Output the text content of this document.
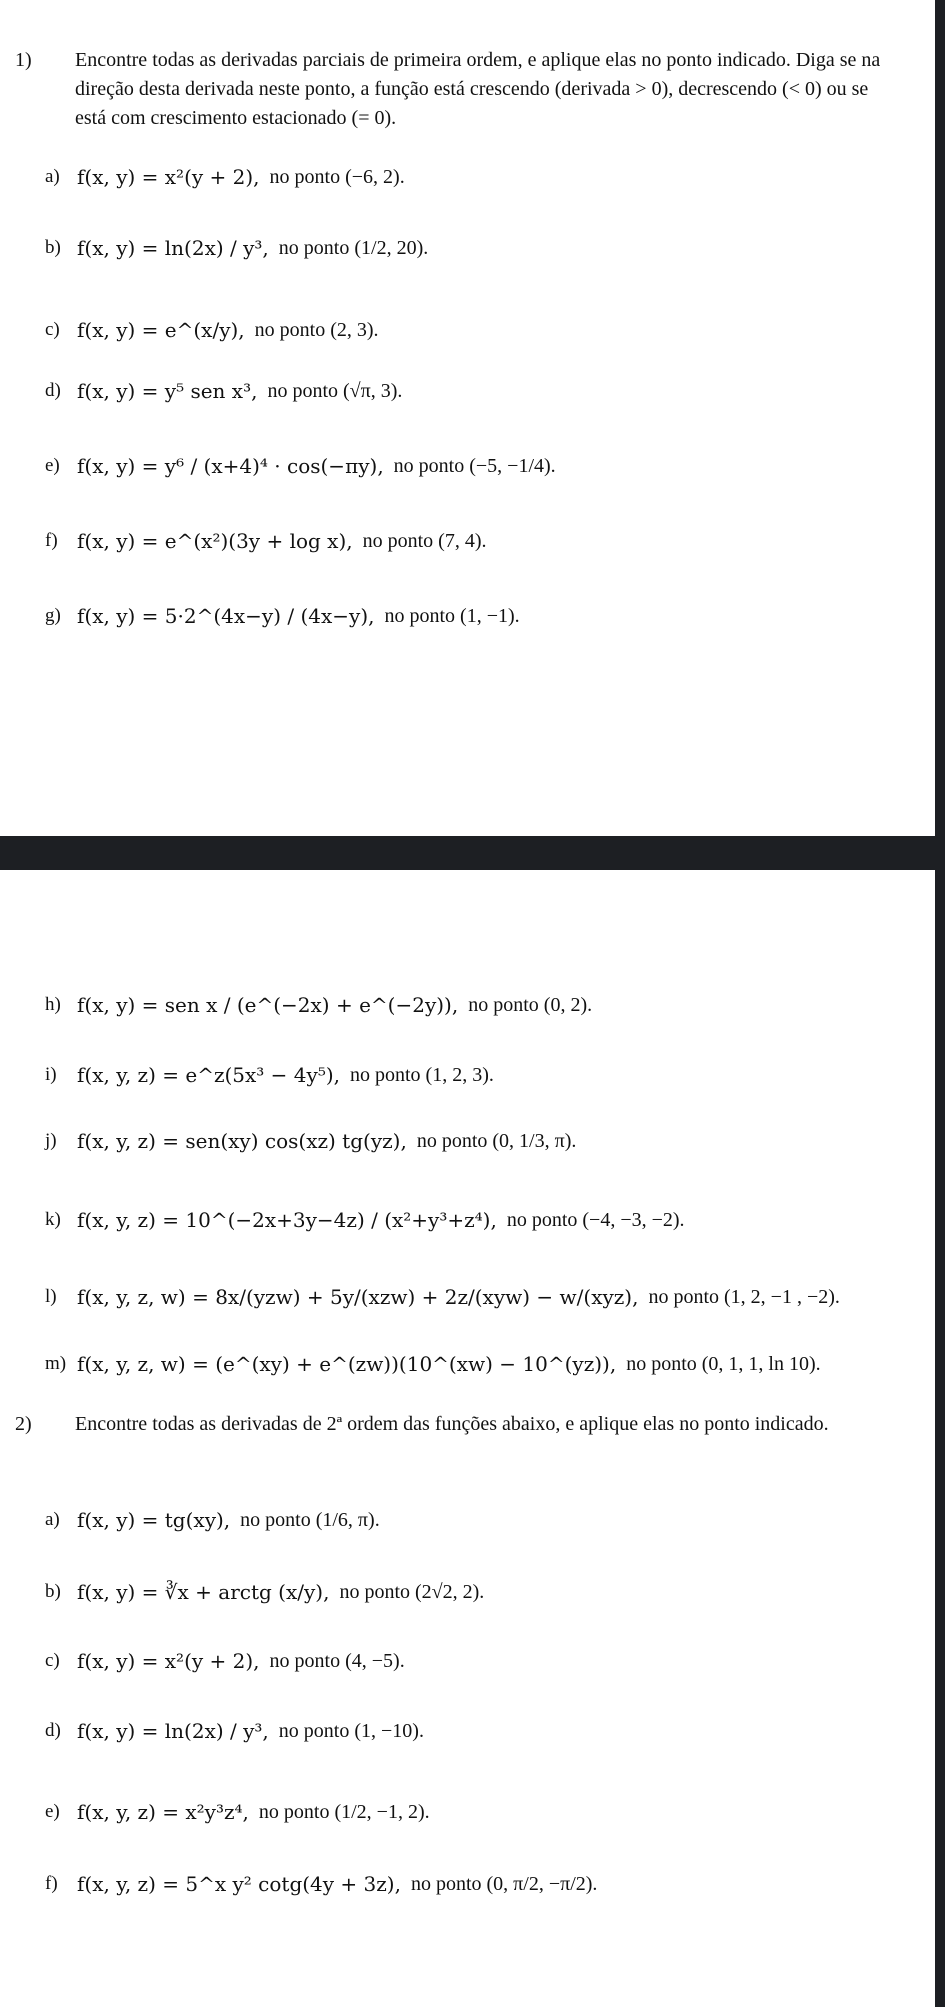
1) Encontre todas as derivadas parciais de primeira ordem, e aplique elas no ponto indicado. Diga se na direção desta derivada neste ponto, a função está crescendo (derivada > 0), decrescendo (< 0) ou se está com crescimento estacionado (= 0).
a) f(x, y) = x²(y + 2), no ponto (−6, 2).
b) f(x, y) = ln(2x) / y³, no ponto (1/2, 20).
c) f(x, y) = e^(x/y), no ponto (2, 3).
d) f(x, y) = y⁵ sen x³, no ponto (√π, 3).
e) f(x, y) = y⁶ / (x+4)⁴ · cos(−πy), no ponto (−5, −1/4).
f) f(x, y) = e^(x²)(3y + log x), no ponto (7, 4).
g) f(x, y) = 5·2^(4x−y) / (4x−y), no ponto (1, −1).
h) f(x, y) = sen x / (e^(−2x) + e^(−2y)), no ponto (0, 2).
i)	f(x, y, z) = e^z(5x³ − 4y⁵), no ponto (1, 2, 3).
j)	f(x, y, z) = sen(xy) cos(xz) tg(yz), no ponto (0, 1/3, π).
k) f(x, y, z) = 10^(−2x+3y−4z) / (x²+y³+z⁴), no ponto (−4, −3, −2).
l)	f(x, y, z, w) = 8x/(yzw) + 5y/(xzw) + 2z/(xyw) − w/(xyz), no ponto (1, 2, −1 , −2).
m) f(x, y, z, w) = (e^(xy) + e^(zw))(10^(xw) − 10^(yz)), no ponto (0, 1, 1, ln 10).
2) Encontre todas as derivadas de 2ª ordem das funções abaixo, e aplique elas no ponto indicado.
a) f(x, y) = tg(xy), no ponto (1/6, π).
b) f(x, y) = ∛x + arctg (x/y), no ponto (2√2, 2).
c) f(x, y) = x²(y + 2), no ponto (4, −5).
d) f(x, y) = ln(2x) / y³, no ponto (1, −10).
e) f(x, y, z) = x²y³z⁴, no ponto (1/2, −1, 2).
f) f(x, y, z) = 5^x y² cotg(4y + 3z), no ponto (0, π/2, −π/2).
